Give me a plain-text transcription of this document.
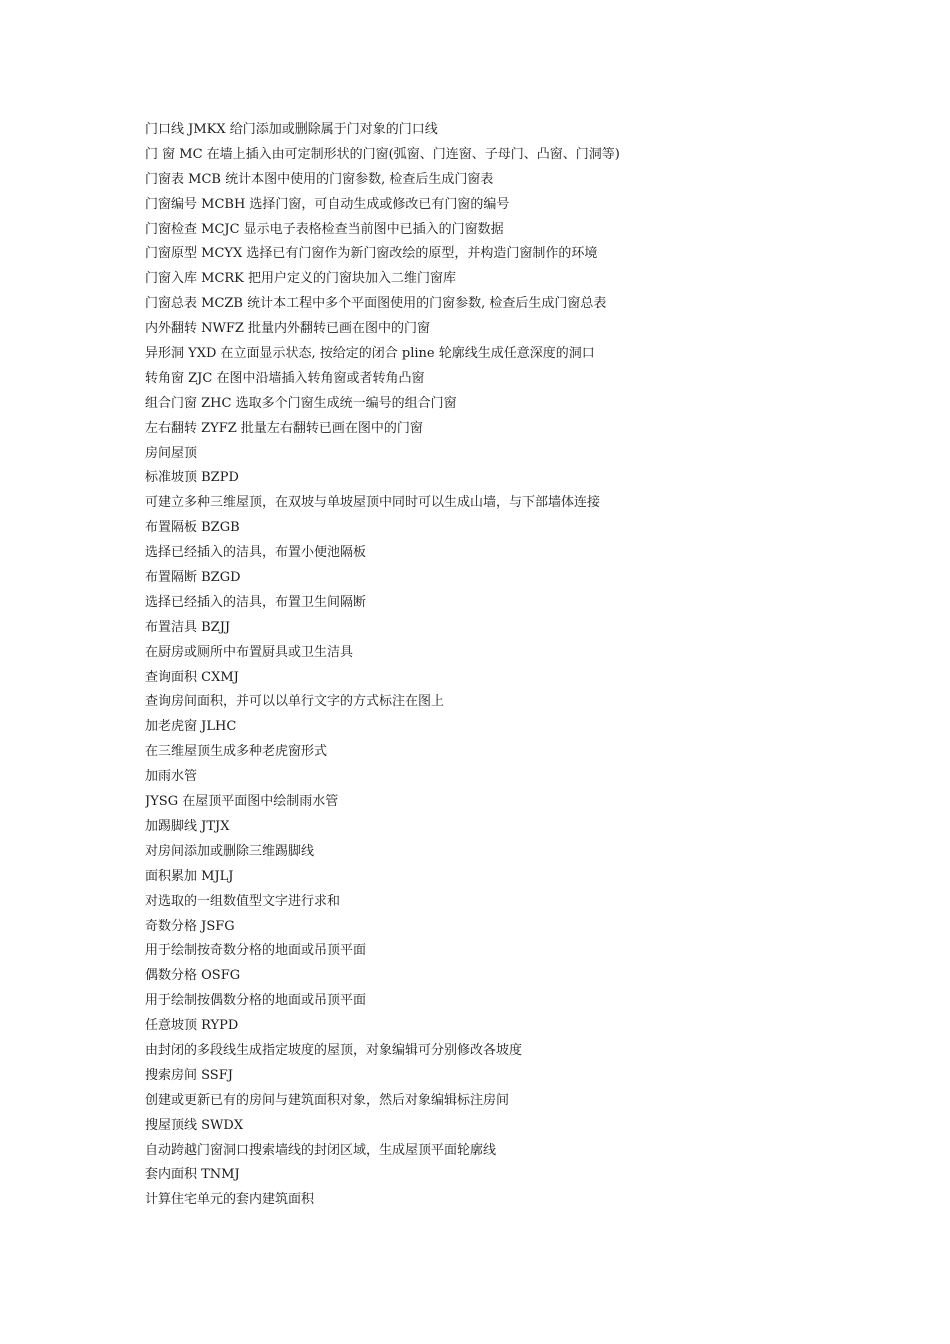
门口线 JMKX 给门添加或删除属于门对象的门口线
门 窗 MC 在墙上插入由可定制形状的门窗(弧窗、门连窗、子母门、凸窗、门洞等)
门窗表 MCB 统计本图中使用的门窗参数, 检查后生成门窗表
门窗编号 MCBH 选择门窗，可自动生成或修改已有门窗的编号
门窗检查 MCJC 显示电子表格检查当前图中已插入的门窗数据
门窗原型 MCYX 选择已有门窗作为新门窗改绘的原型，并构造门窗制作的环境
门窗入库 MCRK 把用户定义的门窗块加入二维门窗库
门窗总表 MCZB 统计本工程中多个平面图使用的门窗参数, 检查后生成门窗总表
内外翻转 NWFZ 批量内外翻转已画在图中的门窗
异形洞 YXD 在立面显示状态, 按给定的闭合 pline 轮廓线生成任意深度的洞口
转角窗 ZJC 在图中沿墙插入转角窗或者转角凸窗
组合门窗 ZHC 选取多个门窗生成统一编号的组合门窗
左右翻转 ZYFZ 批量左右翻转已画在图中的门窗
房间屋顶
标准坡顶 BZPD
可建立多种三维屋顶，在双坡与单坡屋顶中同时可以生成山墙，与下部墙体连接
布置隔板 BZGB
选择已经插入的洁具，布置小便池隔板
布置隔断 BZGD
选择已经插入的洁具，布置卫生间隔断
布置洁具 BZJJ
在厨房或厕所中布置厨具或卫生洁具
查询面积 CXMJ
查询房间面积，并可以以单行文字的方式标注在图上
加老虎窗 JLHC
在三维屋顶生成多种老虎窗形式
加雨水管
JYSG 在屋顶平面图中绘制雨水管
加踢脚线 JTJX
对房间添加或删除三维踢脚线
面积累加 MJLJ
对选取的一组数值型文字进行求和
奇数分格 JSFG
用于绘制按奇数分格的地面或吊顶平面
偶数分格 OSFG
用于绘制按偶数分格的地面或吊顶平面
任意坡顶 RYPD
由封闭的多段线生成指定坡度的屋顶，对象编辑可分别修改各坡度
搜索房间 SSFJ
创建或更新已有的房间与建筑面积对象，然后对象编辑标注房间
搜屋顶线 SWDX
自动跨越门窗洞口搜索墙线的封闭区域，生成屋顶平面轮廓线
套内面积 TNMJ
计算住宅单元的套内建筑面积
